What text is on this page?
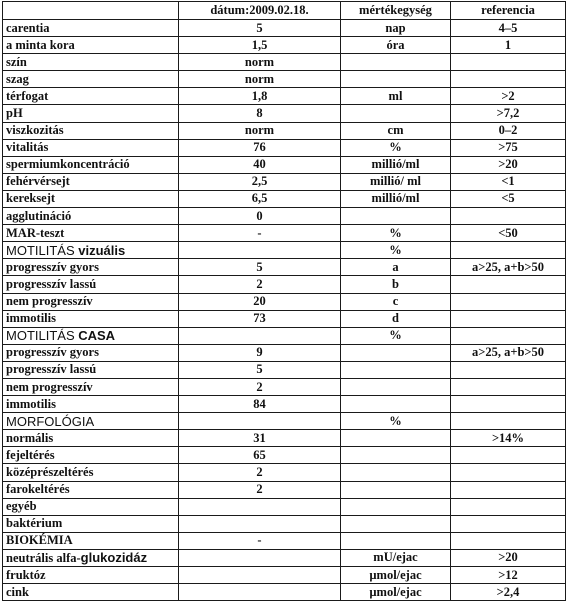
	dátum:2009.02.18.	mértékegység	referencia
carentia	5	nap	4–5
a minta kora	1,5	óra	1
szín	norm		
szag	norm		
térfogat	1,8	ml	>2
pH	8		>7,2
viszkozitás	norm	cm	0–2
vitalitás	76	%	>75
spermiumkoncentráció	40	millió/ml	>20
fehérvérsejt	2,5	millió/ ml	<1
kereksejt	6,5	millió/ml	<5
agglutináció	0		
MAR-teszt	-	%	<50
MOTILITÁS vizuális		%	
progresszív gyors	5	a	a>25, a+b>50
progresszív lassú	2	b	
nem progresszív	20	c	
immotilis	73	d	
MOTILITÁS CASA		%	
progresszív gyors	9		a>25, a+b>50
progresszív lassú	5		
nem progresszív	2		
immotilis	84		
MORFOLÓGIA		%	
normális	31		>14%
fejeltérés	65		
középrészeltérés	2		
farokeltérés	2		
egyéb			
baktérium			
BIOKÉMIA	-		
neutrális alfa-glukozidáz		mU/ejac	>20
fruktóz		µmol/ejac	>12
cink		µmol/ejac	>2,4
